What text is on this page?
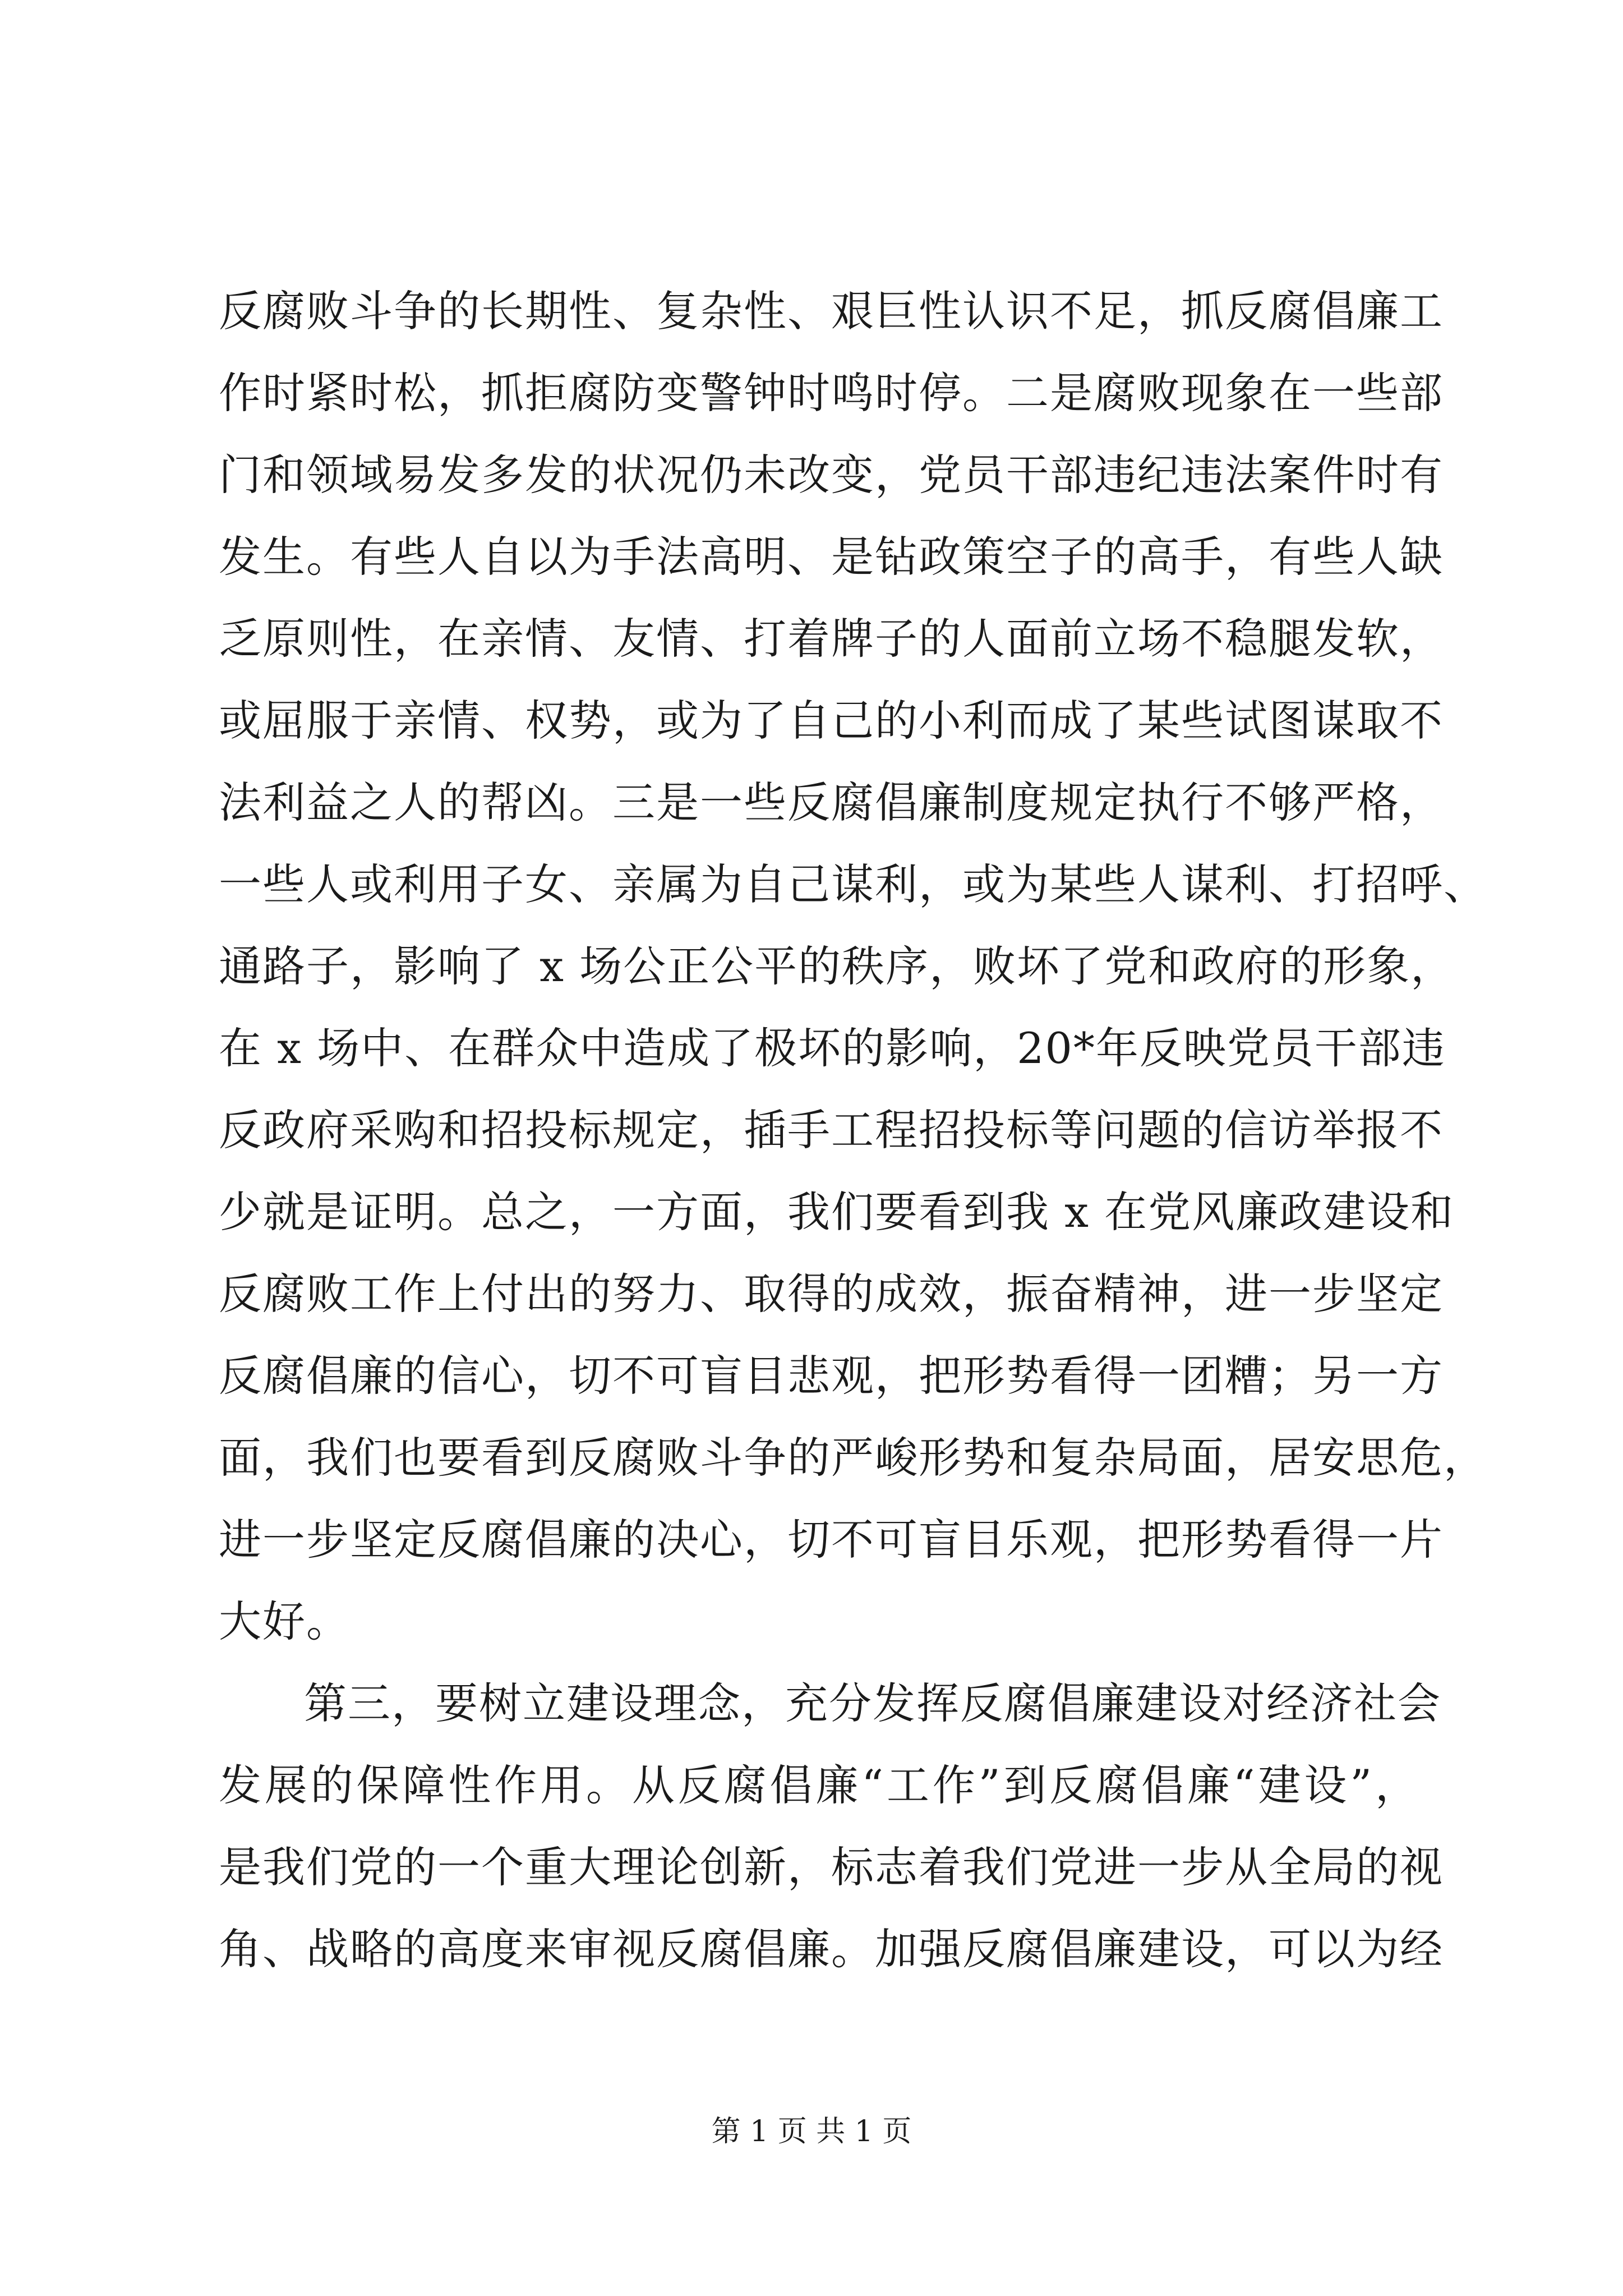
反腐败斗争的长期性、复杂性、艰巨性认识不足，抓反腐倡廉工
作时紧时松，抓拒腐防变警钟时鸣时停。二是腐败现象在一些部
门和领域易发多发的状况仍未改变，党员干部违纪违法案件时有
发生。有些人自以为手法高明、是钻政策空子的高手，有些人缺
乏原则性，在亲情、友情、打着牌子的人面前立场不稳腿发软，
或屈服于亲情、权势，或为了自己的小利而成了某些试图谋取不
法利益之人的帮凶。三是一些反腐倡廉制度规定执行不够严格，
一些人或利用子女、亲属为自己谋利，或为某些人谋利、打招呼、
通路子，影响了 x 场公正公平的秩序，败坏了党和政府的形象，
在 x 场中、在群众中造成了极坏的影响，20*年反映党员干部违
反政府采购和招投标规定，插手工程招投标等问题的信访举报不
少就是证明。总之，一方面，我们要看到我 x 在党风廉政建设和
反腐败工作上付出的努力、取得的成效，振奋精神，进一步坚定
反腐倡廉的信心，切不可盲目悲观，把形势看得一团糟；另一方
面，我们也要看到反腐败斗争的严峻形势和复杂局面，居安思危，
进一步坚定反腐倡廉的决心，切不可盲目乐观，把形势看得一片
大好。
第三，要树立建设理念，充分发挥反腐倡廉建设对经济社会
发展的保障性作用。从反腐倡廉“工作”到反腐倡廉“建设”，
是我们党的一个重大理论创新，标志着我们党进一步从全局的视
角、战略的高度来审视反腐倡廉。加强反腐倡廉建设，可以为经
第 1 页 共 1 页
